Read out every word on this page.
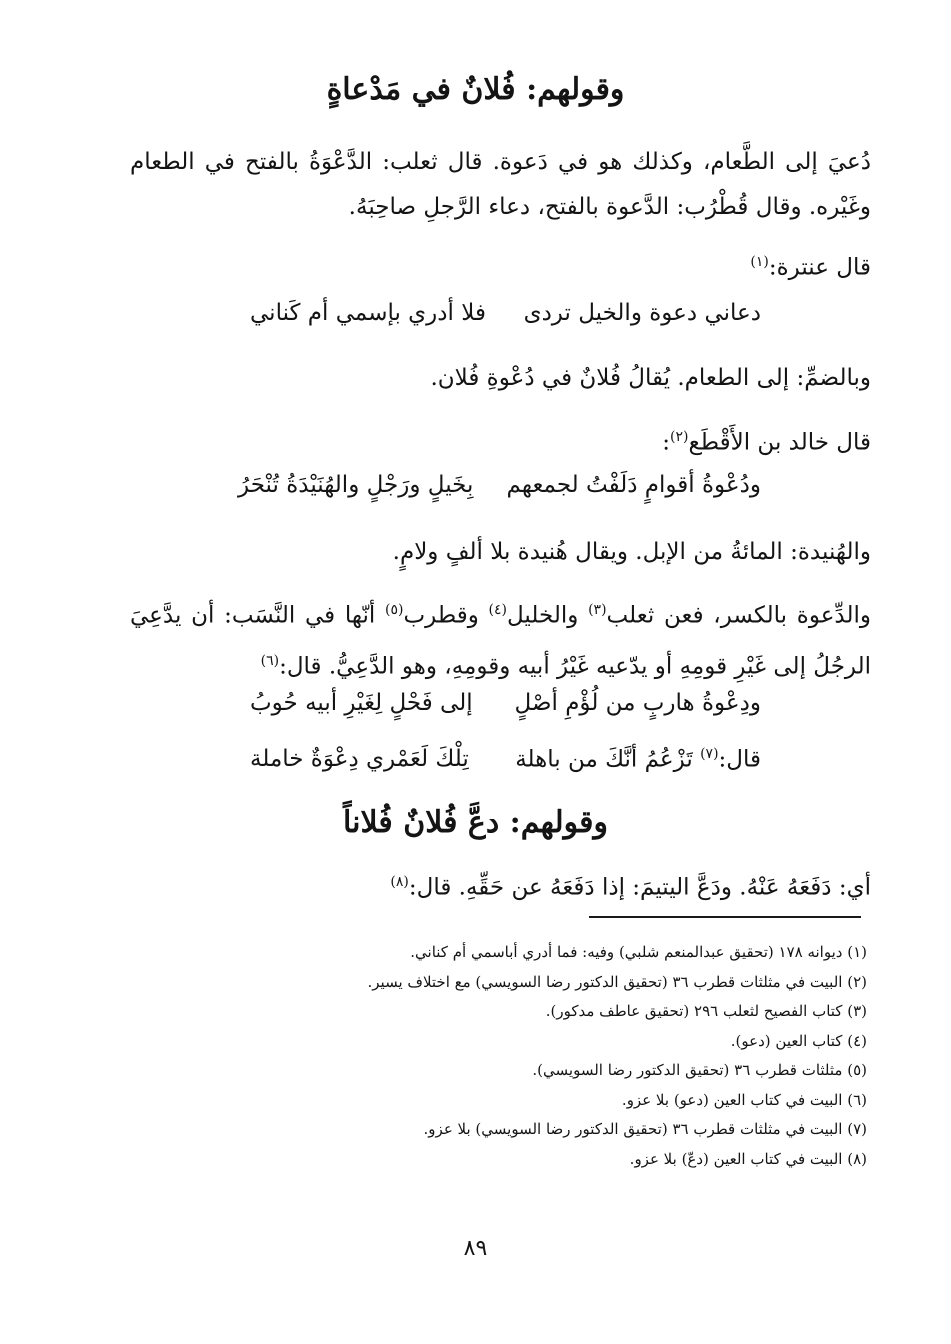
وقولهم: فُلانٌ في مَدْعاةٍ
دُعيَ إلى الطَّعام، وكذلك هو في دَعوة. قال ثعلب: الدَّعْوَةُ بالفتح في الطعام وغَيْره. وقال قُطْرُب: الدَّعوة بالفتح، دعاء الرَّجلِ صاحِبَهُ.
قال عنترة:$^{(١)}$
دعاني دعوة والخيل تردى
فلا أدري بإسمي أم كَناني
وبالضمِّ: إلى الطعام. يُقالُ فُلانٌ في دُعْوةِ فُلان.
قال خالد بن الأَقْطَع$^{(٢)}$:
ودُعْوةُ أقوامٍ دَلَفْتُ لجمعهم
بِخَيلٍ ورَجْلٍ والهُنَيْدَةُ تُنْحَرُ
والهُنيدة: المائةُ من الإبل. ويقال هُنيدة بلا ألفٍ ولامٍ.
والدِّعوة بالكسر، فعن ثعلب$^{(٣)}$ والخليل$^{(٤)}$ وقطرب$^{(٥)}$ أنّها في النَّسَب: أن يدَّعِيَ الرجُلُ إلى غَيْرِ قومِهِ أو يدّعيه غَيْرُ أبيه وقومِهِ، وهو الدَّعِيُّ. قال:$^{(٦)}$
ودِعْوةُ هاربٍ من لُؤْمِ أصْلٍ
إلى فَحْلٍ لِغَيْرِ أبيه حُوبُ
قال:$^{(٧)}$ تَزْعُمُ أنَّكَ من باهلة
تِلْكَ لَعَمْري دِعْوَةٌ خاملة
وقولهم: دعَّ فُلانٌ فُلاناً
أي: دَفَعَهُ عَنْهُ. ودَعَّ اليتيمَ: إذا دَفَعَهُ عن حَقِّهِ. قال:$^{(٨)}$
(١) ديوانه ١٧٨ (تحقيق عبدالمنعم شلبي) وفيه: فما أدري أباسمي أم كناني.
(٢) البيت في مثلثات قطرب ٣٦ (تحقيق الدكتور رضا السويسي) مع اختلاف يسير.
(٣) كتاب الفصيح لثعلب ٢٩٦ (تحقيق عاطف مدكور).
(٤) كتاب العين (دعو).
(٥) مثلثات قطرب ٣٦ (تحقيق الدكتور رضا السويسي).
(٦) البيت في كتاب العين (دعو) بلا عزو.
(٧) البيت في مثلثات قطرب ٣٦ (تحقيق الدكتور رضا السويسي) بلا عزو.
(٨) البيت في كتاب العين (دعّ) بلا عزو.
٨٩
